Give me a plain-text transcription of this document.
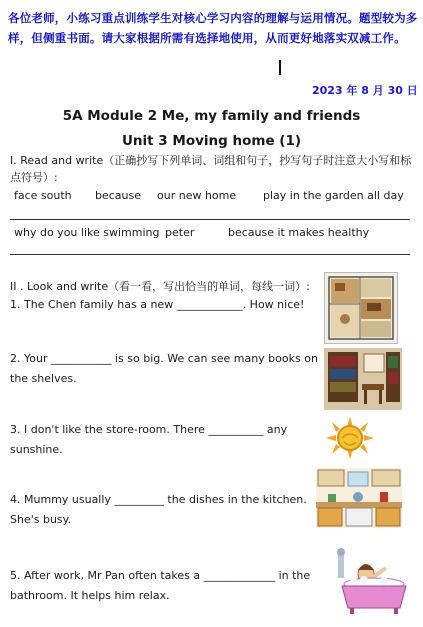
各位老师，小练习重点训练学生对核心学习内容的理解与运用情况。题型较为多样，但侧重书面。请大家根据所需有选择地使用，从而更好地落实双减工作。
2023 年 8 月 30 日
5A Module 2 Me, my family and friends
Unit 3 Moving home (1)
Ⅰ. Read and write（正确抄写下列单词、词组和句子，抄写句子时注意大小写和标点符号）:
face south because our new home play in the garden all day
why do you like swimming peter	because it makes healthy
II . Look and write（看一看，写出恰当的单词，每线一词）:
1. The Chen family has a new ____________. How nice!
2. Your ___________ is so big. We can see many books on the shelves.
3. I don't like the store-room. There __________ any sunshine.
4. Mummy usually _________ the dishes in the kitchen. She's busy.
5. After work, Mr Pan often takes a _____________ in the bathroom. It helps him relax.
